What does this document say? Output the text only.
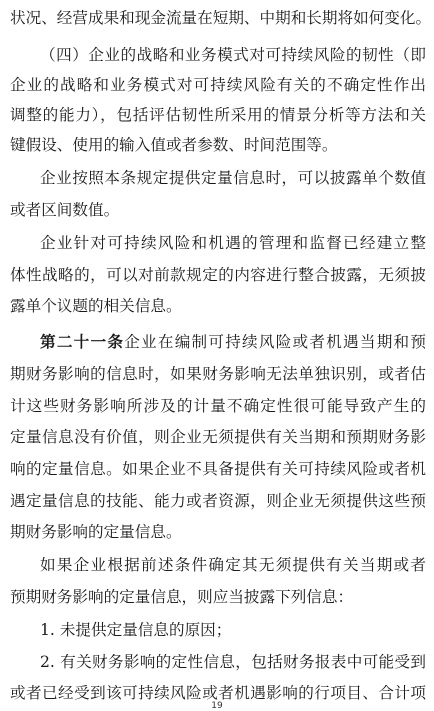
状况、经营成果和现金流量在短期、中期和长期将如何变化。
（四）企业的战略和业务模式对可持续风险的韧性（即
企业的战略和业务模式对可持续风险有关的不确定性作出
调整的能力），包括评估韧性所采用的情景分析等方法和关
键假设、使用的输入值或者参数、时间范围等。
企业按照本条规定提供定量信息时，可以披露单个数值
或者区间数值。
企业针对可持续风险和机遇的管理和监督已经建立整
体性战略的，可以对前款规定的内容进行整合披露，无须披
露单个议题的相关信息。
第二十一条企业在编制可持续风险或者机遇当期和预
期财务影响的信息时，如果财务影响无法单独识别，或者估
计这些财务影响所涉及的计量不确定性很可能导致产生的
定量信息没有价值，则企业无须提供有关当期和预期财务影
响的定量信息。如果企业不具备提供有关可持续风险或者机
遇定量信息的技能、能力或者资源，则企业无须提供这些预
期财务影响的定量信息。
如果企业根据前述条件确定其无须提供有关当期或者
预期财务影响的定量信息，则应当披露下列信息：
1. 未提供定量信息的原因；
2. 有关财务影响的定性信息，包括财务报表中可能受到
或者已经受到该可持续风险或者机遇影响的行项目、合计项
19
